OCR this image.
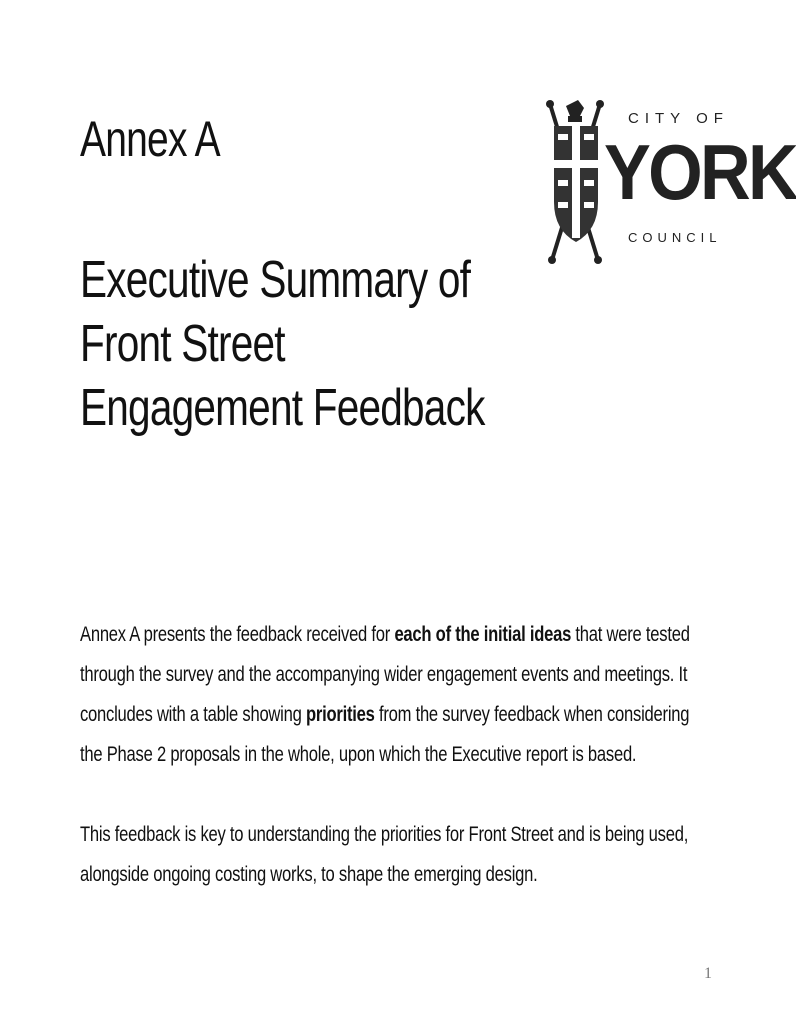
Annex A
Executive Summary of
Front Street
Engagement Feedback
CITY OF
YORK
COUNCIL
Annex A presents the feedback received for each of the initial ideas that were tested through the survey and the accompanying wider engagement events and meetings. It concludes with a table showing priorities from the survey feedback when considering the Phase 2 proposals in the whole, upon which the Executive report is based.
This feedback is key to understanding the priorities for Front Street and is being used, alongside ongoing costing works, to shape the emerging design.
1
